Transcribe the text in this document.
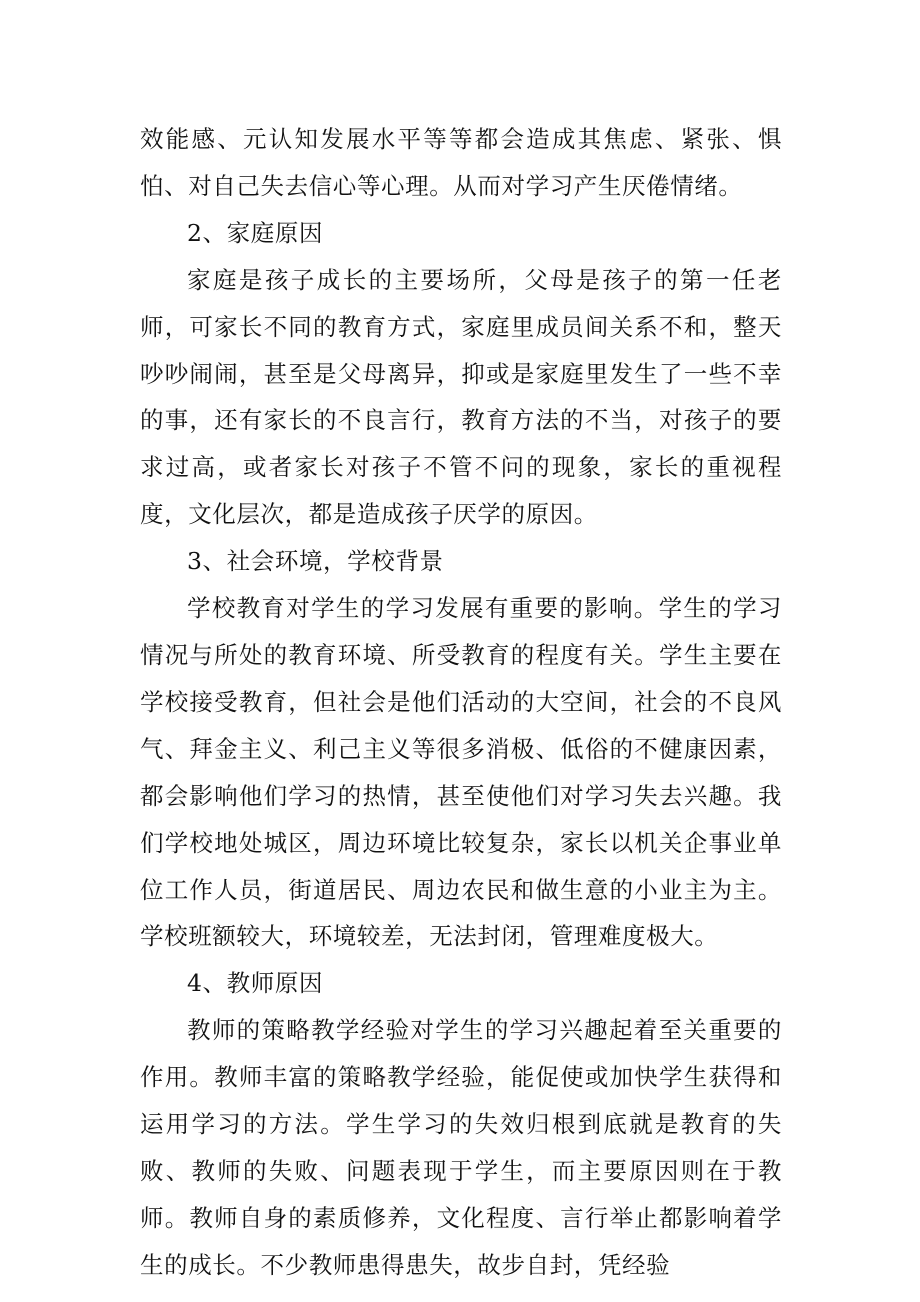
效能感、元认知发展水平等等都会造成其焦虑、紧张、惧怕、对自己失去信心等心理。从而对学习产生厌倦情绪。

2、家庭原因

家庭是孩子成长的主要场所，父母是孩子的第一任老师，可家长不同的教育方式，家庭里成员间关系不和，整天吵吵闹闹，甚至是父母离异，抑或是家庭里发生了一些不幸的事，还有家长的不良言行，教育方法的不当，对孩子的要求过高，或者家长对孩子不管不问的现象，家长的重视程度，文化层次，都是造成孩子厌学的原因。

3、社会环境，学校背景

学校教育对学生的学习发展有重要的影响。学生的学习情况与所处的教育环境、所受教育的程度有关。学生主要在学校接受教育，但社会是他们活动的大空间，社会的不良风气、拜金主义、利己主义等很多消极、低俗的不健康因素，都会影响他们学习的热情，甚至使他们对学习失去兴趣。我们学校地处城区，周边环境比较复杂，家长以机关企事业单位工作人员，街道居民、周边农民和做生意的小业主为主。学校班额较大，环境较差，无法封闭，管理难度极大。

4、教师原因

教师的策略教学经验对学生的学习兴趣起着至关重要的作用。教师丰富的策略教学经验，能促使或加快学生获得和运用学习的方法。学生学习的失效归根到底就是教育的失败、教师的失败、问题表现于学生，而主要原因则在于教师。教师自身的素质修养，文化程度、言行举止都影响着学生的成长。不少教师患得患失，故步自封，凭经验
